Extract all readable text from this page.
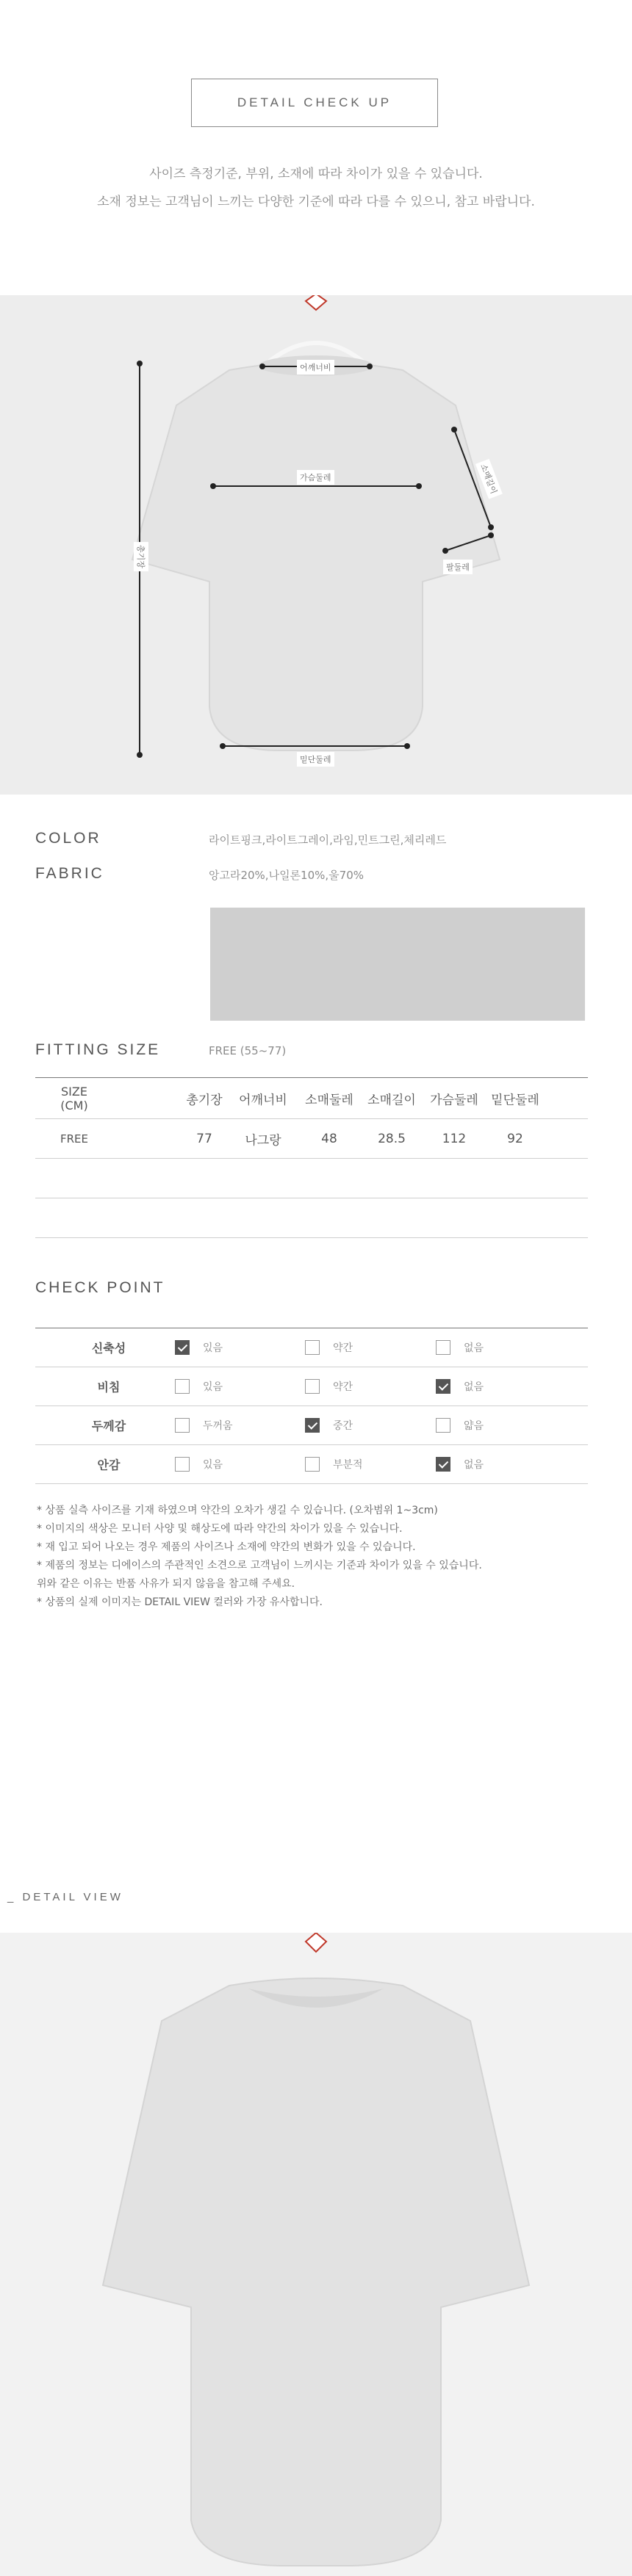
DETAIL CHECK UP
사이즈 측정기준, 부위, 소재에 따라 차이가 있을 수 있습니다.
소재 정보는 고객님이 느끼는 다양한 기준에 따라 다를 수 있으니, 참고 바랍니다.
어깨너비
가슴둘레
총기장
소매길이
팔둘레
밑단둘레
COLOR	라이트핑크,라이트그레이,라임,민트그린,체리레드
FABRIC	앙고라20%,나일론10%,울70%
FITTING SIZE	FREE (55~77)
SIZE
(CM)	총기장	어깨너비	소매둘레	소매길이	가슴둘레	밑단둘레
FREE	77	나그랑	48	28.5	112	92
CHECK POINT
신축성	있음	약간	없음
비침	있음	약간	없음
두께감	두꺼움	중간	얇음
안감	있음	부분적	없음
* 상품 실측 사이즈를 기재 하였으며 약간의 오차가 생길 수 있습니다. (오차범위 1~3cm)
* 이미지의 색상은 모니터 사양 및 해상도에 따라 약간의 차이가 있을 수 있습니다.
* 재 입고 되어 나오는 경우 제품의 사이즈나 소재에 약간의 변화가 있을 수 있습니다.
* 제품의 정보는 디에이스의 주관적인 소견으로 고객님이 느끼시는 기준과 차이가 있을 수 있습니다.
위와 같은 이유는 반품 사유가 되지 않음을 참고해 주세요.
* 상품의 실제 이미지는 DETAIL VIEW 컬러와 가장 유사합니다.
_ DETAIL VIEW
